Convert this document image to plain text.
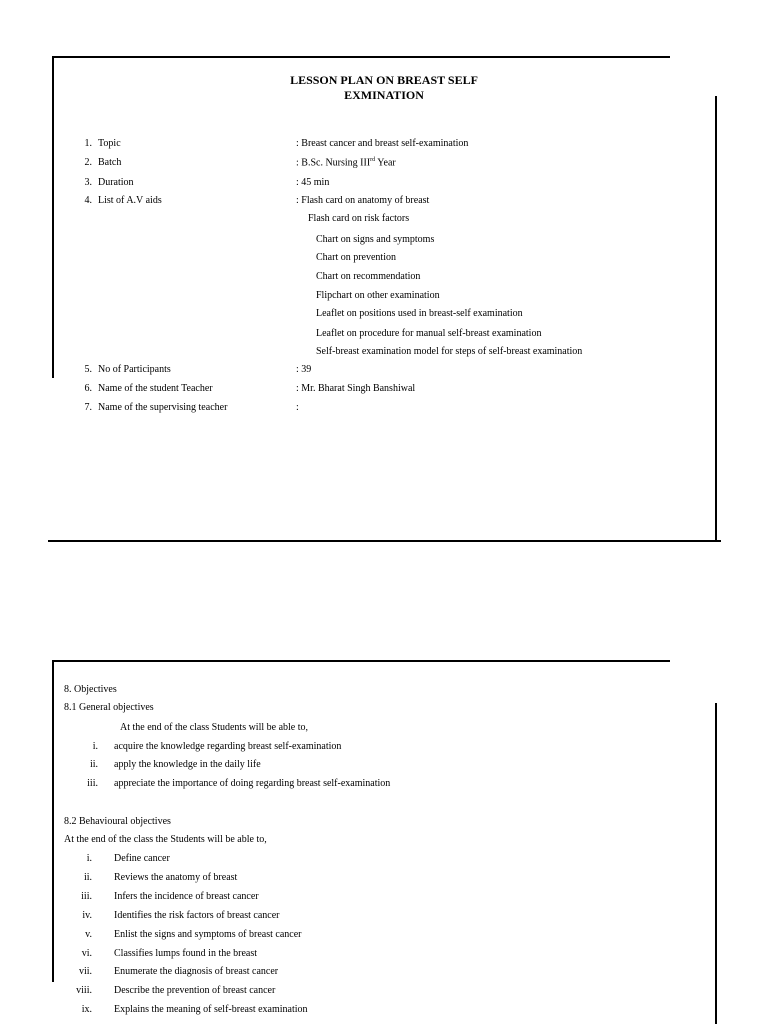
LESSON PLAN ON BREAST SELF
EXMINATION
1. Topic	: Breast cancer and breast self-examination
2. Batch	: B.Sc. Nursing IIIrd Year
3. Duration	: 45 min
4. List of A.V aids	: Flash card on anatomy of breast
Flash card on risk factors
Chart on signs and symptoms
Chart on prevention
Chart on recommendation
Flipchart on other examination
Leaflet on positions used in breast-self examination
Leaflet on procedure for manual self-breast examination
Self-breast examination model for steps of self-breast examination
5. No of Participants	: 39
6. Name of the student Teacher	: Mr. Bharat Singh Banshiwal
7. Name of the supervising teacher	:
8. Objectives
8.1 General objectives
At the end of the class Students will be able to,
i. acquire the knowledge regarding breast self-examination
ii. apply the knowledge in the daily life
iii. appreciate the importance of doing regarding breast self-examination
8.2 Behavioural objectives
At the end of the class the Students will be able to,
i. Define cancer
ii. Reviews the anatomy of breast
iii. Infers the incidence of breast cancer
iv. Identifies the risk factors of breast cancer
v. Enlist the signs and symptoms of breast cancer
vi. Classifies lumps found in the breast
vii. Enumerate the diagnosis of breast cancer
viii. Describe the prevention of breast cancer
ix. Explains the meaning of self-breast examination
